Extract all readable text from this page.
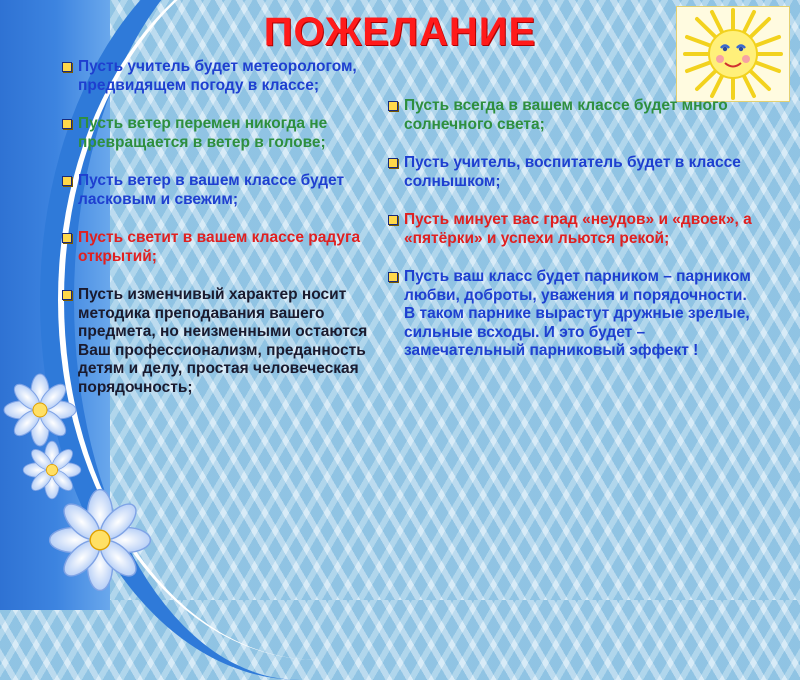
ПОЖЕЛАНИЕ
Пусть учитель будет метеорологом, предвидящем погоду в классе;
Пусть ветер перемен никогда не превращается в ветер в голове;
Пусть ветер в вашем классе будет ласковым и свежим;
Пусть светит в вашем классе радуга открытий;
Пусть изменчивый характер носит методика преподавания вашего предмета, но неизменными остаются Ваш профессионализм, преданность детям и делу, простая человеческая порядочность;
Пусть всегда в вашем классе будет много солнечного света;
Пусть учитель, воспитатель будет в классе солнышком;
Пусть минует вас град «неудов» и «двоек», а «пятёрки» и успехи льются рекой;
Пусть ваш класс будет парником – парником любви, доброты, уважения и порядочности. В таком парнике вырастут дружные зрелые, сильные всходы. И это будет – замечательный парниковый эффект !
